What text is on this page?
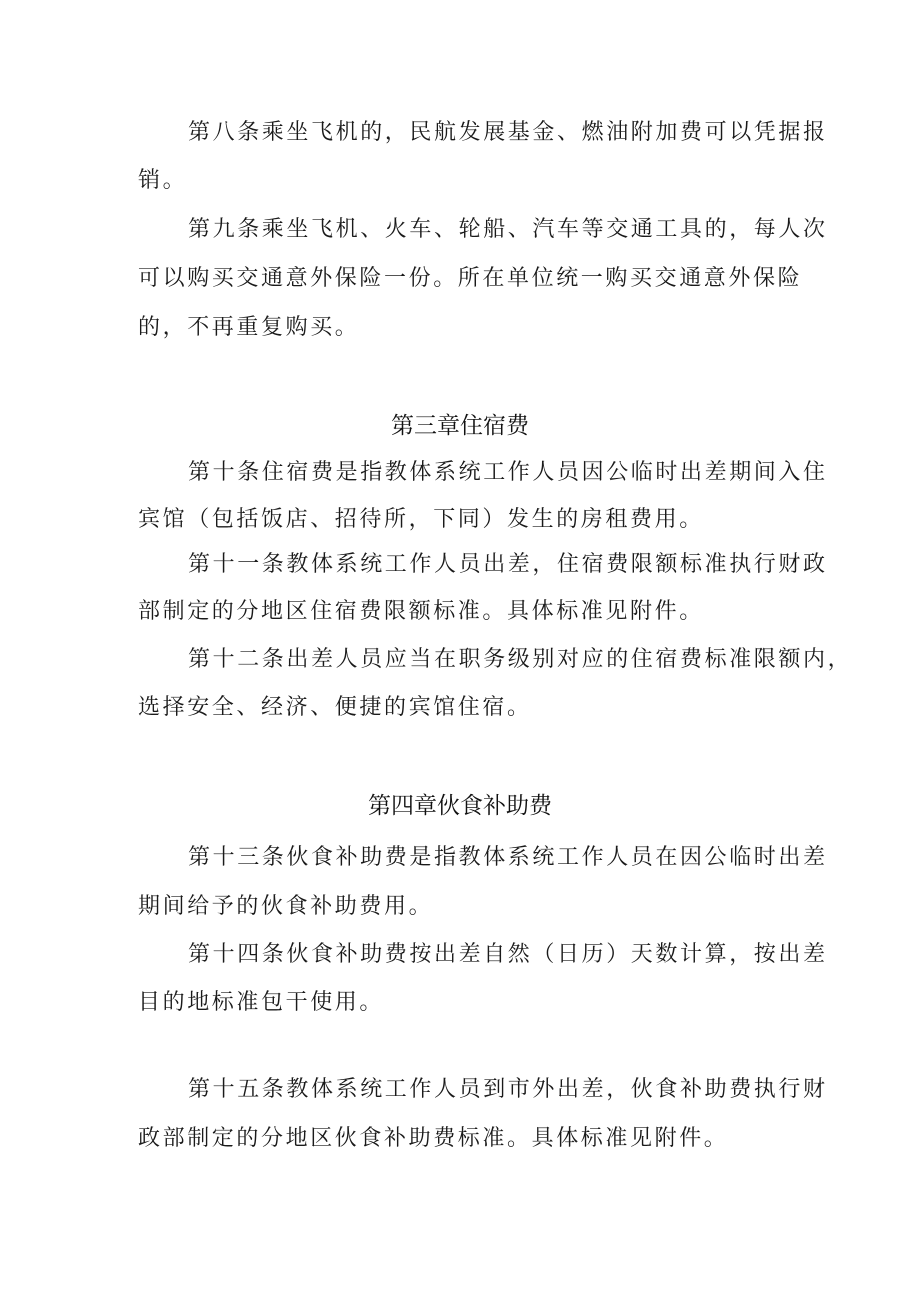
第八条乘坐飞机的，民航发展基金、燃油附加费可以凭据报
销。
第九条乘坐飞机、火车、轮船、汽车等交通工具的，每人次
可以购买交通意外保险一份。所在单位统一购买交通意外保险
的，不再重复购买。
第三章住宿费
第十条住宿费是指教体系统工作人员因公临时出差期间入住
宾馆（包括饭店、招待所，下同）发生的房租费用。
第十一条教体系统工作人员出差，住宿费限额标准执行财政
部制定的分地区住宿费限额标准。具体标准见附件。
第十二条出差人员应当在职务级别对应的住宿费标准限额内，
选择安全、经济、便捷的宾馆住宿。
第四章伙食补助费
第十三条伙食补助费是指教体系统工作人员在因公临时出差
期间给予的伙食补助费用。
第十四条伙食补助费按出差自然（日历）天数计算，按出差
目的地标准包干使用。
第十五条教体系统工作人员到市外出差，伙食补助费执行财
政部制定的分地区伙食补助费标准。具体标准见附件。
